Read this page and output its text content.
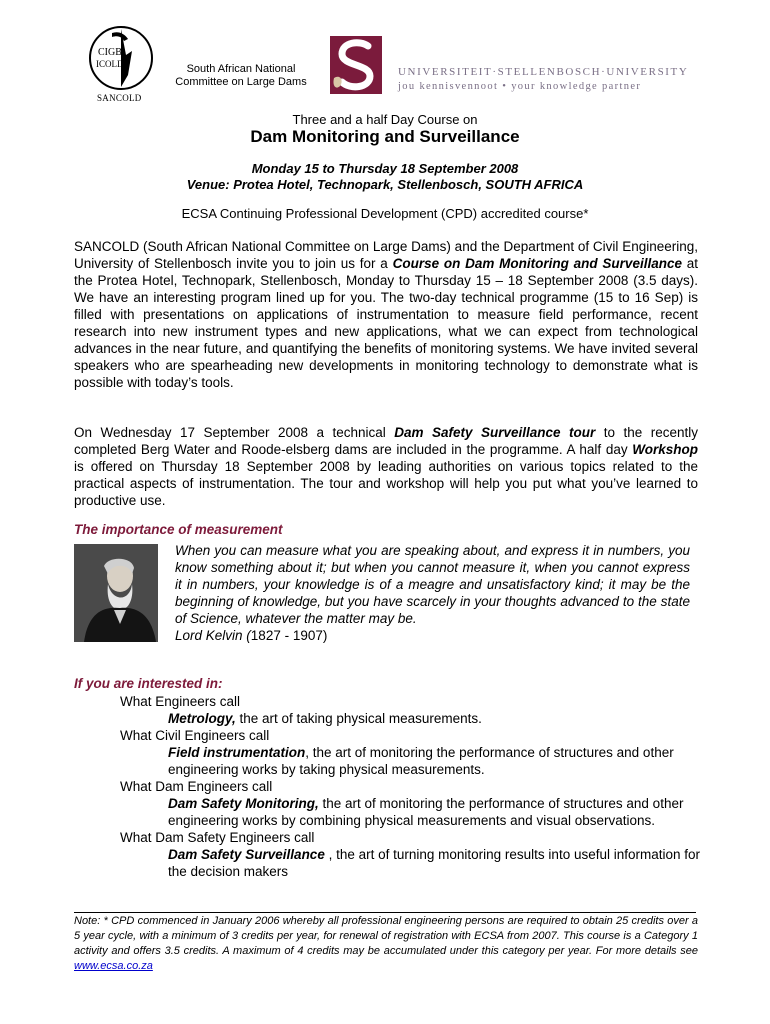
CIGB
ICOLD
SANCOLD
South African National
Committee on Large Dams
UNIVERSITEIT·STELLENBOSCH·UNIVERSITY
jou kennisvennoot • your knowledge partner
Three and a half Day Course on
Dam Monitoring and Surveillance
Monday 15 to Thursday 18 September 2008
Venue: Protea Hotel, Technopark, Stellenbosch, SOUTH AFRICA
ECSA Continuing Professional Development (CPD) accredited course*
SANCOLD (South African National Committee on Large Dams) and the Department of Civil Engineering, University of Stellenbosch invite you to join us for a Course on Dam Monitoring and Surveillance at the Protea Hotel, Technopark, Stellenbosch, Monday to Thursday 15 – 18 September 2008 (3.5 days). We have an interesting program lined up for you. The two-day technical programme (15 to 16 Sep) is filled with presentations on applications of instrumentation to measure field performance, recent research into new instrument types and new applications, what we can expect from technological advances in the near future, and quantifying the benefits of monitoring systems. We have invited several speakers who are spearheading new developments in monitoring technology to demonstrate what is possible with today’s tools.
On Wednesday 17 September 2008 a technical Dam Safety Surveillance tour to the recently completed Berg Water and Roode-elsberg dams are included in the programme. A half day Workshop is offered on Thursday 18 September 2008 by leading authorities on various topics related to the practical aspects of instrumentation. The tour and workshop will help you put what you’ve learned to productive use.
The importance of measurement
When you can measure what you are speaking about, and express it in numbers, you know something about it; but when you cannot measure it, when you cannot express it in numbers, your knowledge is of a meagre and unsatisfactory kind; it may be the beginning of knowledge, but you have scarcely in your thoughts advanced to the state of Science, whatever the matter may be.
Lord Kelvin (1827 - 1907)
If you are interested in:
What Engineers call
Metrology, the art of taking physical measurements.
What Civil Engineers call
Field instrumentation, the art of monitoring the performance of structures and other engineering works by taking physical measurements.
What Dam Engineers call
Dam Safety Monitoring, the art of monitoring the performance of structures and other engineering works by combining physical measurements and visual observations.
What Dam Safety Engineers call
Dam Safety Surveillance , the art of turning monitoring results into useful information for the decision makers
Note: * CPD commenced in January 2006 whereby all professional engineering persons are required to obtain 25 credits over a 5 year cycle, with a minimum of 3 credits per year, for renewal of registration with ECSA from 2007. This course is a Category 1 activity and offers 3.5 credits. A maximum of 4 credits may be accumulated under this category per year. For more details see www.ecsa.co.za
